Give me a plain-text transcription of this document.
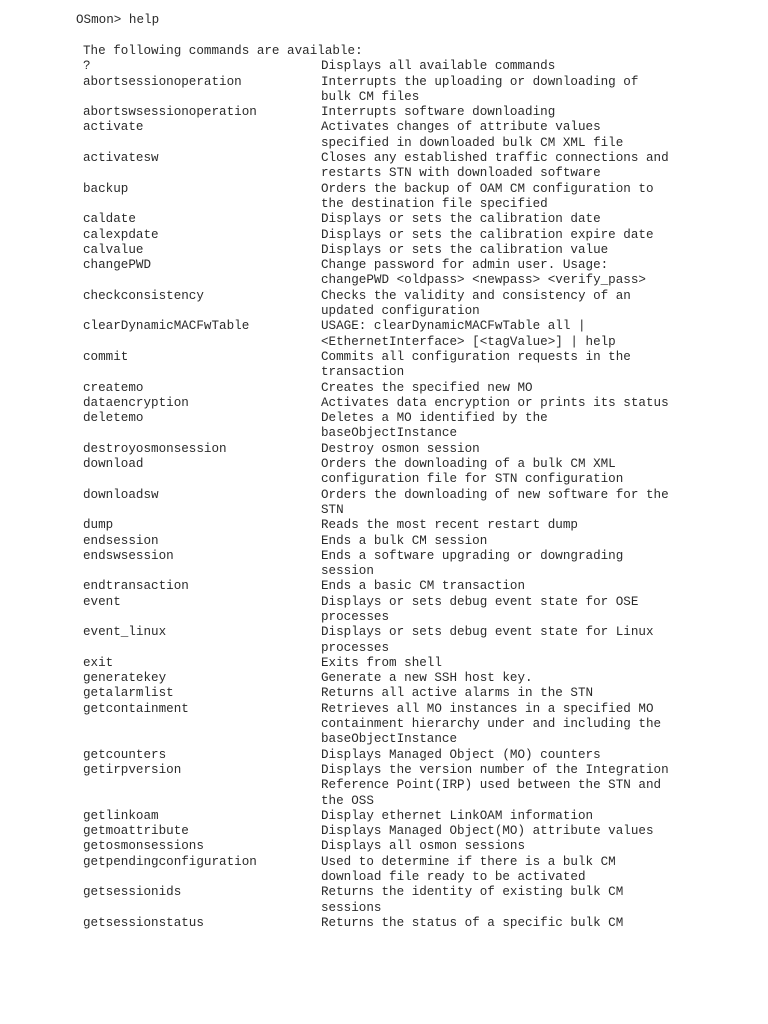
OSmon> help
The following commands are available:
?	Displays all available commands
abortsessionoperation	Interrupts the uploading or downloading of
bulk CM files
abortswsessionoperation	Interrupts software downloading
activate	Activates changes of attribute values
specified in downloaded bulk CM XML file
activatesw	Closes any established traffic connections and
restarts STN with downloaded software
backup	Orders the backup of OAM CM configuration to
the destination file specified
caldate	Displays or sets the calibration date
calexpdate	Displays or sets the calibration expire date
calvalue	Displays or sets the calibration value
changePWD	Change password for admin user. Usage:
changePWD <oldpass> <newpass> <verify_pass>
checkconsistency	Checks the validity and consistency of an
updated configuration
clearDynamicMACFwTable	USAGE: clearDynamicMACFwTable all |
<EthernetInterface> [<tagValue>] | help
commit	Commits all configuration requests in the
transaction
createmo	Creates the specified new MO
dataencryption	Activates data encryption or prints its status
deletemo	Deletes a MO identified by the
baseObjectInstance
destroyosmonsession	Destroy osmon session
download	Orders the downloading of a bulk CM XML
configuration file for STN configuration
downloadsw	Orders the downloading of new software for the
STN
dump	Reads the most recent restart dump
endsession	Ends a bulk CM session
endswsession	Ends a software upgrading or downgrading
session
endtransaction	Ends a basic CM transaction
event	Displays or sets debug event state for OSE
processes
event_linux	Displays or sets debug event state for Linux
processes
exit	Exits from shell
generatekey	Generate a new SSH host key.
getalarmlist	Returns all active alarms in the STN
getcontainment	Retrieves all MO instances in a specified MO
containment hierarchy under and including the
baseObjectInstance
getcounters	Displays Managed Object (MO) counters
getirpversion	Displays the version number of the Integration
Reference Point(IRP) used between the STN and
the OSS
getlinkoam	Display ethernet LinkOAM information
getmoattribute	Displays Managed Object(MO) attribute values
getosmonsessions	Displays all osmon sessions
getpendingconfiguration	Used to determine if there is a bulk CM
download file ready to be activated
getsessionids	Returns the identity of existing bulk CM
sessions
getsessionstatus	Returns the status of a specific bulk CM
